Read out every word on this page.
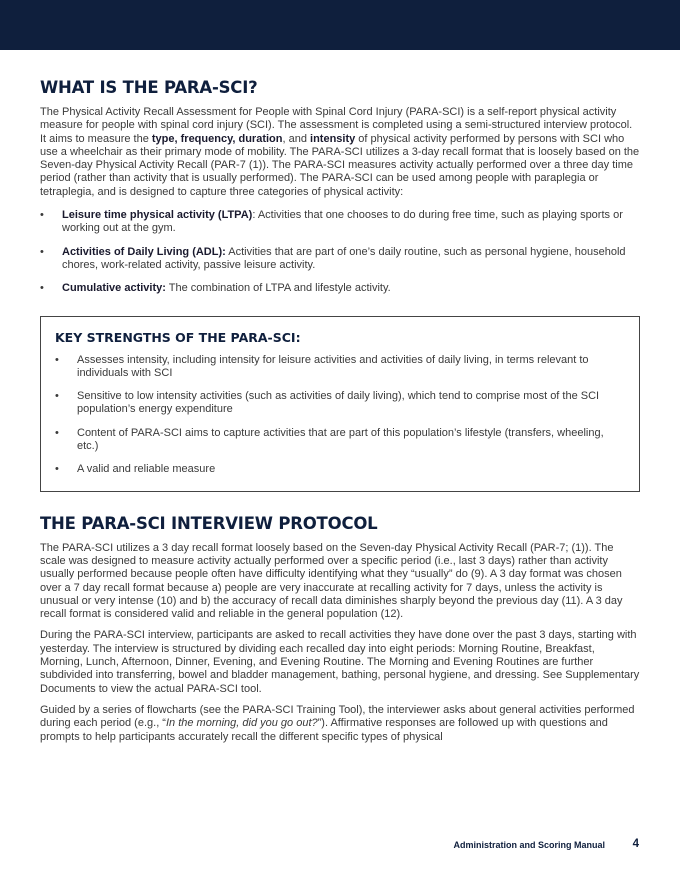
WHAT IS THE PARA-SCI?

The Physical Activity Recall Assessment for People with Spinal Cord Injury (PARA-SCI) is a self-report physical activity measure for people with spinal cord injury (SCI). The assessment is completed using a semi-structured interview protocol. It aims to measure the type, frequency, duration, and intensity of physical activity performed by persons with SCI who use a wheelchair as their primary mode of mobility. The PARA-SCI utilizes a 3-day recall format that is loosely based on the Seven-day Physical Activity Recall (PAR-7 (1)). The PARA-SCI measures activity actually performed over a three day time period (rather than activity that is usually performed). The PARA-SCI can be used among people with paraplegia or tetraplegia, and is designed to capture three categories of physical activity:

• Leisure time physical activity (LTPA): Activities that one chooses to do during free time, such as playing sports or working out at the gym.
• Activities of Daily Living (ADL): Activities that are part of one’s daily routine, such as personal hygiene, household chores, work-related activity, passive leisure activity.
• Cumulative activity: The combination of LTPA and lifestyle activity.
KEY STRENGTHS OF THE PARA-SCI:
• Assesses intensity, including intensity for leisure activities and activities of daily living, in terms relevant to individuals with SCI
• Sensitive to low intensity activities (such as activities of daily living), which tend to comprise most of the SCI population’s energy expenditure
• Content of PARA-SCI aims to capture activities that are part of this population’s lifestyle (transfers, wheeling, etc.)
• A valid and reliable measure
THE PARA-SCI INTERVIEW PROTOCOL

The PARA-SCI utilizes a 3 day recall format loosely based on the Seven-day Physical Activity Recall (PAR-7; (1)). The scale was designed to measure activity actually performed over a specific period (i.e., last 3 days) rather than activity usually performed because people often have difficulty identifying what they “usually” do (9). A 3 day format was chosen over a 7 day recall format because a) people are very inaccurate at recalling activity for 7 days, unless the activity is unusual or very intense (10) and b) the accuracy of recall data diminishes sharply beyond the previous day (11). A 3 day recall format is considered valid and reliable in the general population (12).

During the PARA-SCI interview, participants are asked to recall activities they have done over the past 3 days, starting with yesterday. The interview is structured by dividing each recalled day into eight periods: Morning Routine, Breakfast, Morning, Lunch, Afternoon, Dinner, Evening, and Evening Routine. The Morning and Evening Routines are further subdivided into transferring, bowel and bladder management, bathing, personal hygiene, and dressing. See Supplementary Documents to view the actual PARA-SCI tool.

Guided by a series of flowcharts (see the PARA-SCI Training Tool), the interviewer asks about general activities performed during each period (e.g., “In the morning, did you go out?”). Affirmative responses are followed up with questions and prompts to help participants accurately recall the different specific types of physical

Administration and Scoring Manual 4
